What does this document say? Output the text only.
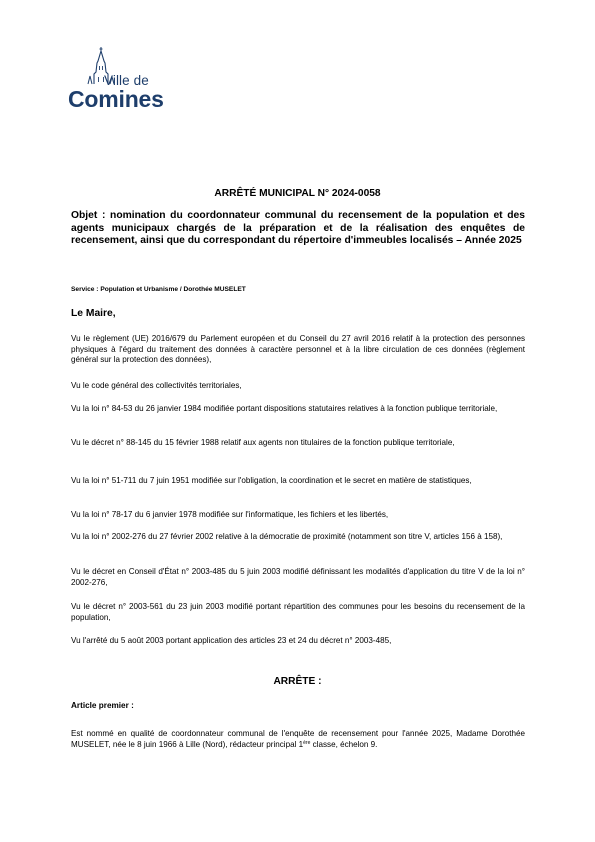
Ville de
Comines
ARRÊTÉ MUNICIPAL N° 2024-0058
Objet : nomination du coordonnateur communal du recensement de la population et des agents municipaux chargés de la préparation et de la réalisation des enquêtes de recensement, ainsi que du correspondant du répertoire d'immeubles localisés – Année 2025
Service : Population et Urbanisme / Dorothée MUSELET
Le Maire,
Vu le règlement (UE) 2016/679 du Parlement européen et du Conseil du 27 avril 2016 relatif à la protection des personnes physiques à l'égard du traitement des données à caractère personnel et à la libre circulation de ces données (règlement général sur la protection des données),
Vu le code général des collectivités territoriales,
Vu la loi n° 84-53 du 26 janvier 1984 modifiée portant dispositions statutaires relatives à la fonction publique territoriale,
Vu le décret n° 88-145 du 15 février 1988 relatif aux agents non titulaires de la fonction publique territoriale,
Vu la loi n° 51-711 du 7 juin 1951 modifiée sur l'obligation, la coordination et le secret en matière de statistiques,
Vu la loi n° 78-17 du 6 janvier 1978 modifiée sur l'informatique, les fichiers et les libertés,
Vu la loi n° 2002-276 du 27 février 2002 relative à la démocratie de proximité (notamment son titre V, articles 156 à 158),
Vu le décret en Conseil d'État n° 2003-485 du 5 juin 2003 modifié définissant les modalités d'application du titre V de la loi n° 2002-276,
Vu le décret n° 2003-561 du 23 juin 2003 modifié portant répartition des communes pour les besoins du recensement de la population,
Vu l'arrêté du 5 août 2003 portant application des articles 23 et 24 du décret n° 2003-485,
ARRÊTE :
Article premier :
Est nommé en qualité de coordonnateur communal de l'enquête de recensement pour l'année 2025, Madame Dorothée MUSELET, née le 8 juin 1966 à Lille (Nord), rédacteur principal 1ère classe, échelon 9.
